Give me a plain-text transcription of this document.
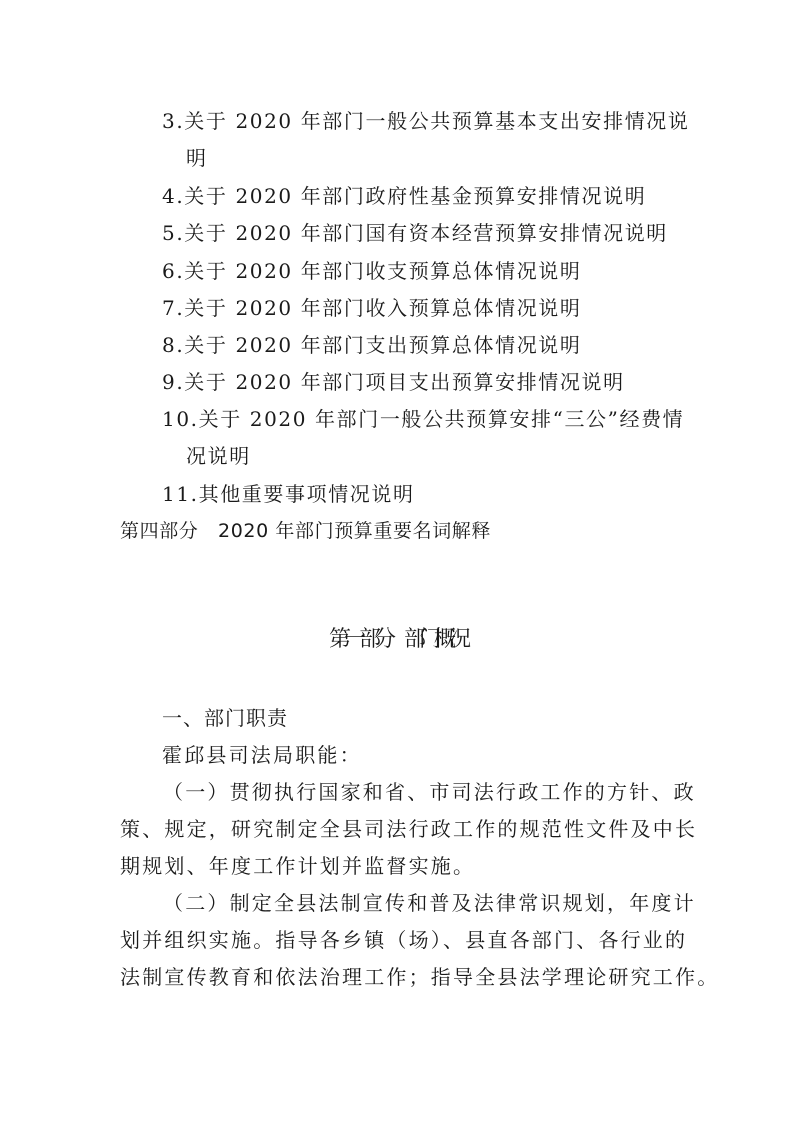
3.关于 2020 年部门一般公共预算基本支出安排情况说
明
4.关于 2020 年部门政府性基金预算安排情况说明
5.关于 2020 年部门国有资本经营预算安排情况说明
6.关于 2020 年部门收支预算总体情况说明
7.关于 2020 年部门收入预算总体情况说明
8.关于 2020 年部门支出预算总体情况说明
9.关于 2020 年部门项目支出预算安排情况说明
10.关于 2020 年部门一般公共预算安排“三公”经费情
况说明
11.其他重要事项情况说明
第四部分　2020 年部门预算重要名词解释
第一部分　部门概况
一、部门职责
霍邱县司法局职能：
（一）贯彻执行国家和省、市司法行政工作的方针、政
策、规定，研究制定全县司法行政工作的规范性文件及中长
期规划、年度工作计划并监督实施。
（二）制定全县法制宣传和普及法律常识规划，年度计
划并组织实施。指导各乡镇（场）、县直各部门、各行业的
法制宣传教育和依法治理工作；指导全县法学理论研究工作。
